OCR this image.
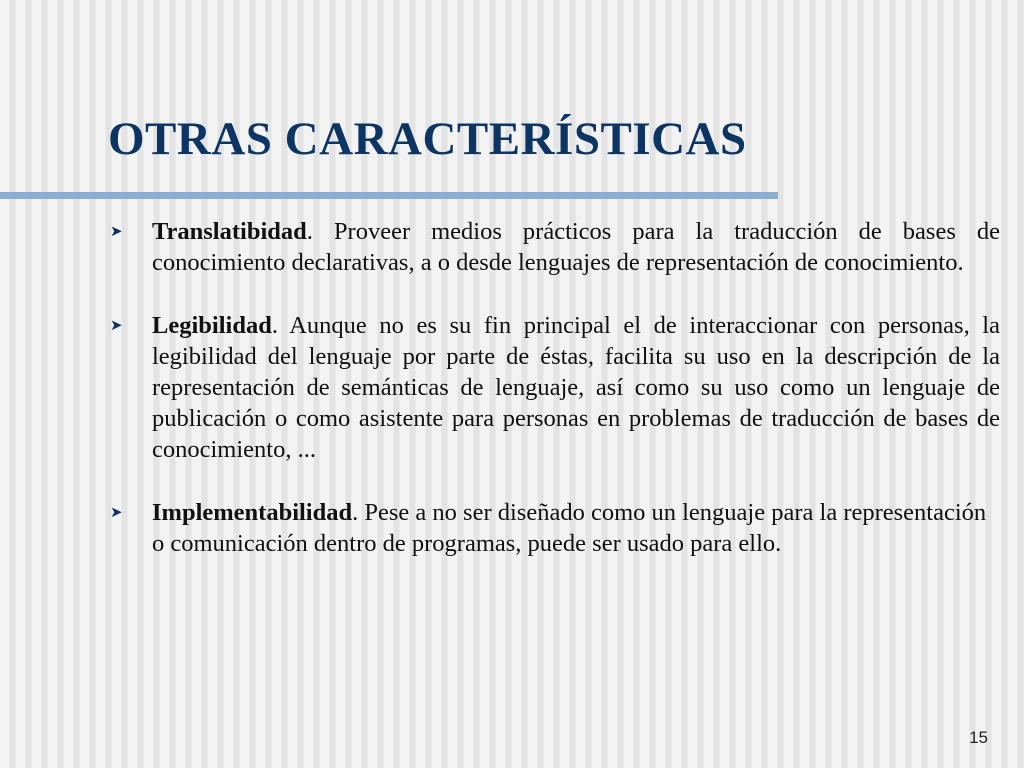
OTRAS CARACTERÍSTICAS
➤ Translatibidad. Proveer medios prácticos para la traducción de bases de conocimiento declarativas, a o desde lenguajes de representación de conocimiento.
➤ Legibilidad. Aunque no es su fin principal el de interaccionar con personas, la legibilidad del lenguaje por parte de éstas, facilita su uso en la descripción de la representación de semánticas de lenguaje, así como su uso como un lenguaje de publicación o como asistente para personas en problemas de traducción de bases de conocimiento, ...
➤ Implementabilidad. Pese a no ser diseñado como un lenguaje para la representación o comunicación dentro de programas, puede ser usado para ello.
15
